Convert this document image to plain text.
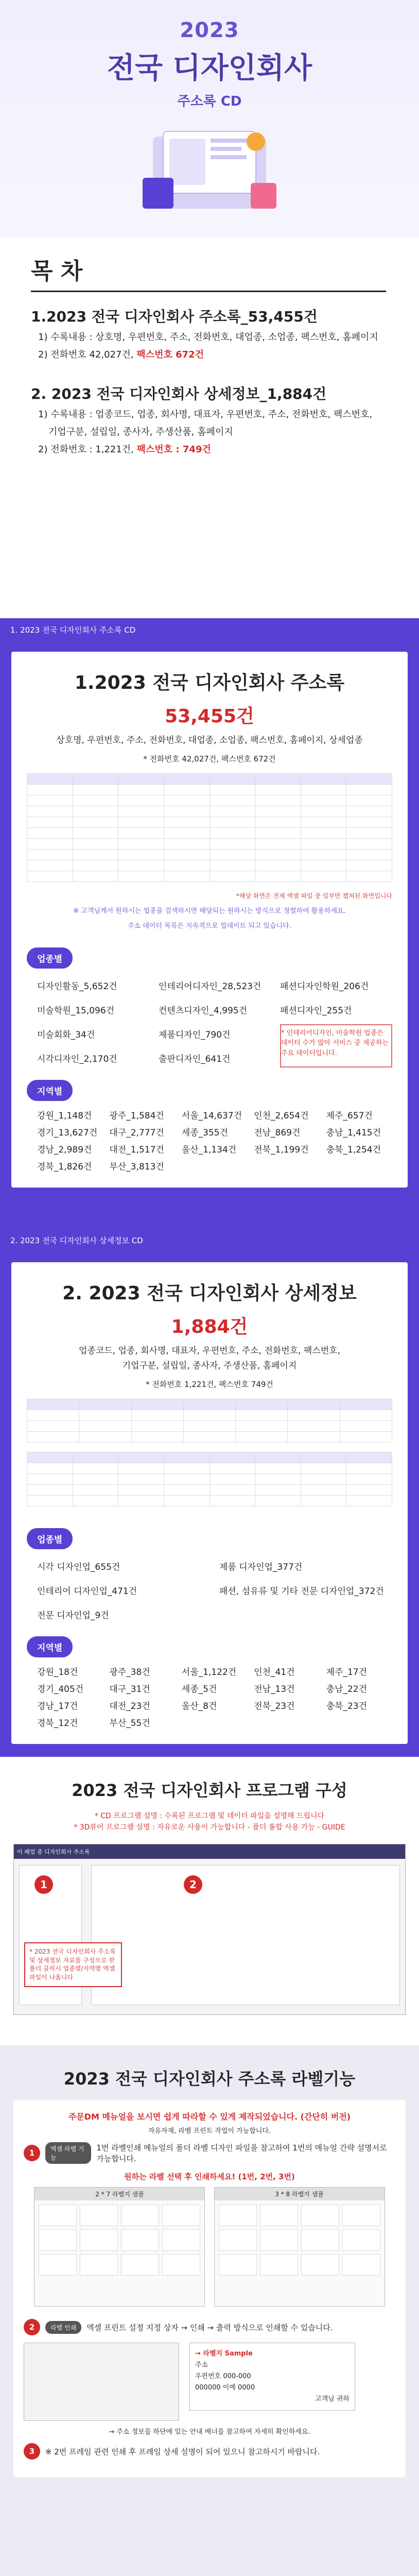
2023
전국 디자인회사
주소록 CD
목 차
1.2023 전국 디자인회사 주소록_53,455건
1) 수록내용 : 상호명, 우편번호, 주소, 전화번호, 대업종, 소업종, 팩스번호, 홈페이지
2) 전화번호 42,027건, 팩스번호 672건
2. 2023 전국 디자인회사 상세정보_1,884건
1) 수록내용 : 업종코드, 업종, 회사명, 대표자, 우편번호, 주소, 전화번호, 팩스번호,
기업구분, 설립일, 종사자, 주생산품, 홈페이지
2) 전화번호 : 1,221건, 팩스번호 : 749건
1. 2023 전국 디자인회사 주소록 CD
1.2023 전국 디자인회사 주소록
53,455건
상호명, 우편번호, 주소, 전화번호, 대업종, 소업종, 팩스번호, 홈페이지, 상세업종
* 전화번호 42,027건, 팩스번호 672건

*해당 화면은 전체 엑셀 파일 중 일부만 캡쳐된 화면입니다
※ 고객님께서 원하시는 업종을 검색하시면 해당되는 원하시는 방식으로 정렬하여 활용하세요.
주소 데이터 목록은 지속적으로 업데이트 되고 있습니다.
업종별
디자인활동_5,652건	인테리어디자인_28,523건	패션디자인학원_206건
미술학원_15,096건	컨텐츠디자인_4,995건	패션디자인_255건
미술회화_34건	제품디자인_790건	* 인테리어디자인, 미술학원 업종은 데이터 수가 많아 서비스 중 제공하는 주요 데이터입니다.
시각디자인_2,170건	출판디자인_641건
지역별
강원_1,148건	광주_1,584건	서울_14,637건	인천_2,654건	제주_657건
경기_13,627건	대구_2,777건	세종_355건	전남_869건	충남_1,415건
경남_2,989건	대전_1,517건	울산_1,134건	전북_1,199건	충북_1,254건
경북_1,826건	부산_3,813건
2. 2023 전국 디자인회사 상세정보 CD
2. 2023 전국 디자인회사 상세정보
1,884건
업종코드, 업종, 회사명, 대표자, 우편번호, 주소, 전화번호, 팩스번호,
기업구분, 설립일, 종사자, 주생산품, 홈페이지
* 전화번호 1,221건, 팩스번호 749건

업종별
시각 디자인업_655건	제품 디자인업_377건
인테리어 디자인업_471건	패션, 섬유류 및 기타 전문 디자인업_372건
전문 디자인업_9건
지역별
강원_18건	광주_38건	서울_1,122건	인천_41건	제주_17건
경기_405건	대구_31건	세종_5건	전남_13건	충남_22건
경남_17건	대전_23건	울산_8건	전북_23건	충북_23건
경북_12건	부산_55건
2023 전국 디자인회사 프로그램 구성
* CD 프로그램 설명 : 수록된 프로그램 및 데이터 파일을 설명해 드립니다
* 3D뷰어 프로그램 설명 : 자유로운 사용이 가능합니다 - 폴더 통합 사용 가능 - GUIDE
이 폐업 중 디자인회사 주소록
1	2
* 2023 전국 디자인회사 주소록 및 상세정보 자료를 구성으로 한 폴더 클릭시 업종별/지역별 엑셀 파일이 나옵니다
2023 전국 디자인회사 주소록 라벨기능
주문DM 메뉴얼을 보시면 쉽게 따라할 수 있게 제작되었습니다. (간단히 버전)
자유자재, 라벨 프린트 작업이 가능합니다.
1	엑셀 라벨 기능
1번 라벨인쇄 메뉴얼의 폴더 라벨 디자인 파일을 참고하여 1번의 메뉴얼 간략 설명서로 가능합니다.
원하는 라벨 선택 후 인쇄하세요! (1번, 2번, 3번)
2 * 7 라벨지 샘플
	3 * 8 라벨지 샘플
2	라벨 인쇄	엑셀 프린트 설정 지정 상자 → 인쇄 → 출력 방식으로 인쇄할 수 있습니다.
→ 라벨지 Sample
주소
우편번호 000-000
000000 이메 0000
고객님 귀하
→ 주소 정보를 하단에 있는 안내 배너를 참고하여 자세히 확인하세요.
3	※ 2번 프레임 관련 인쇄 후 프레임 상세 설명이 되어 있으니 참고하시기 바랍니다.
